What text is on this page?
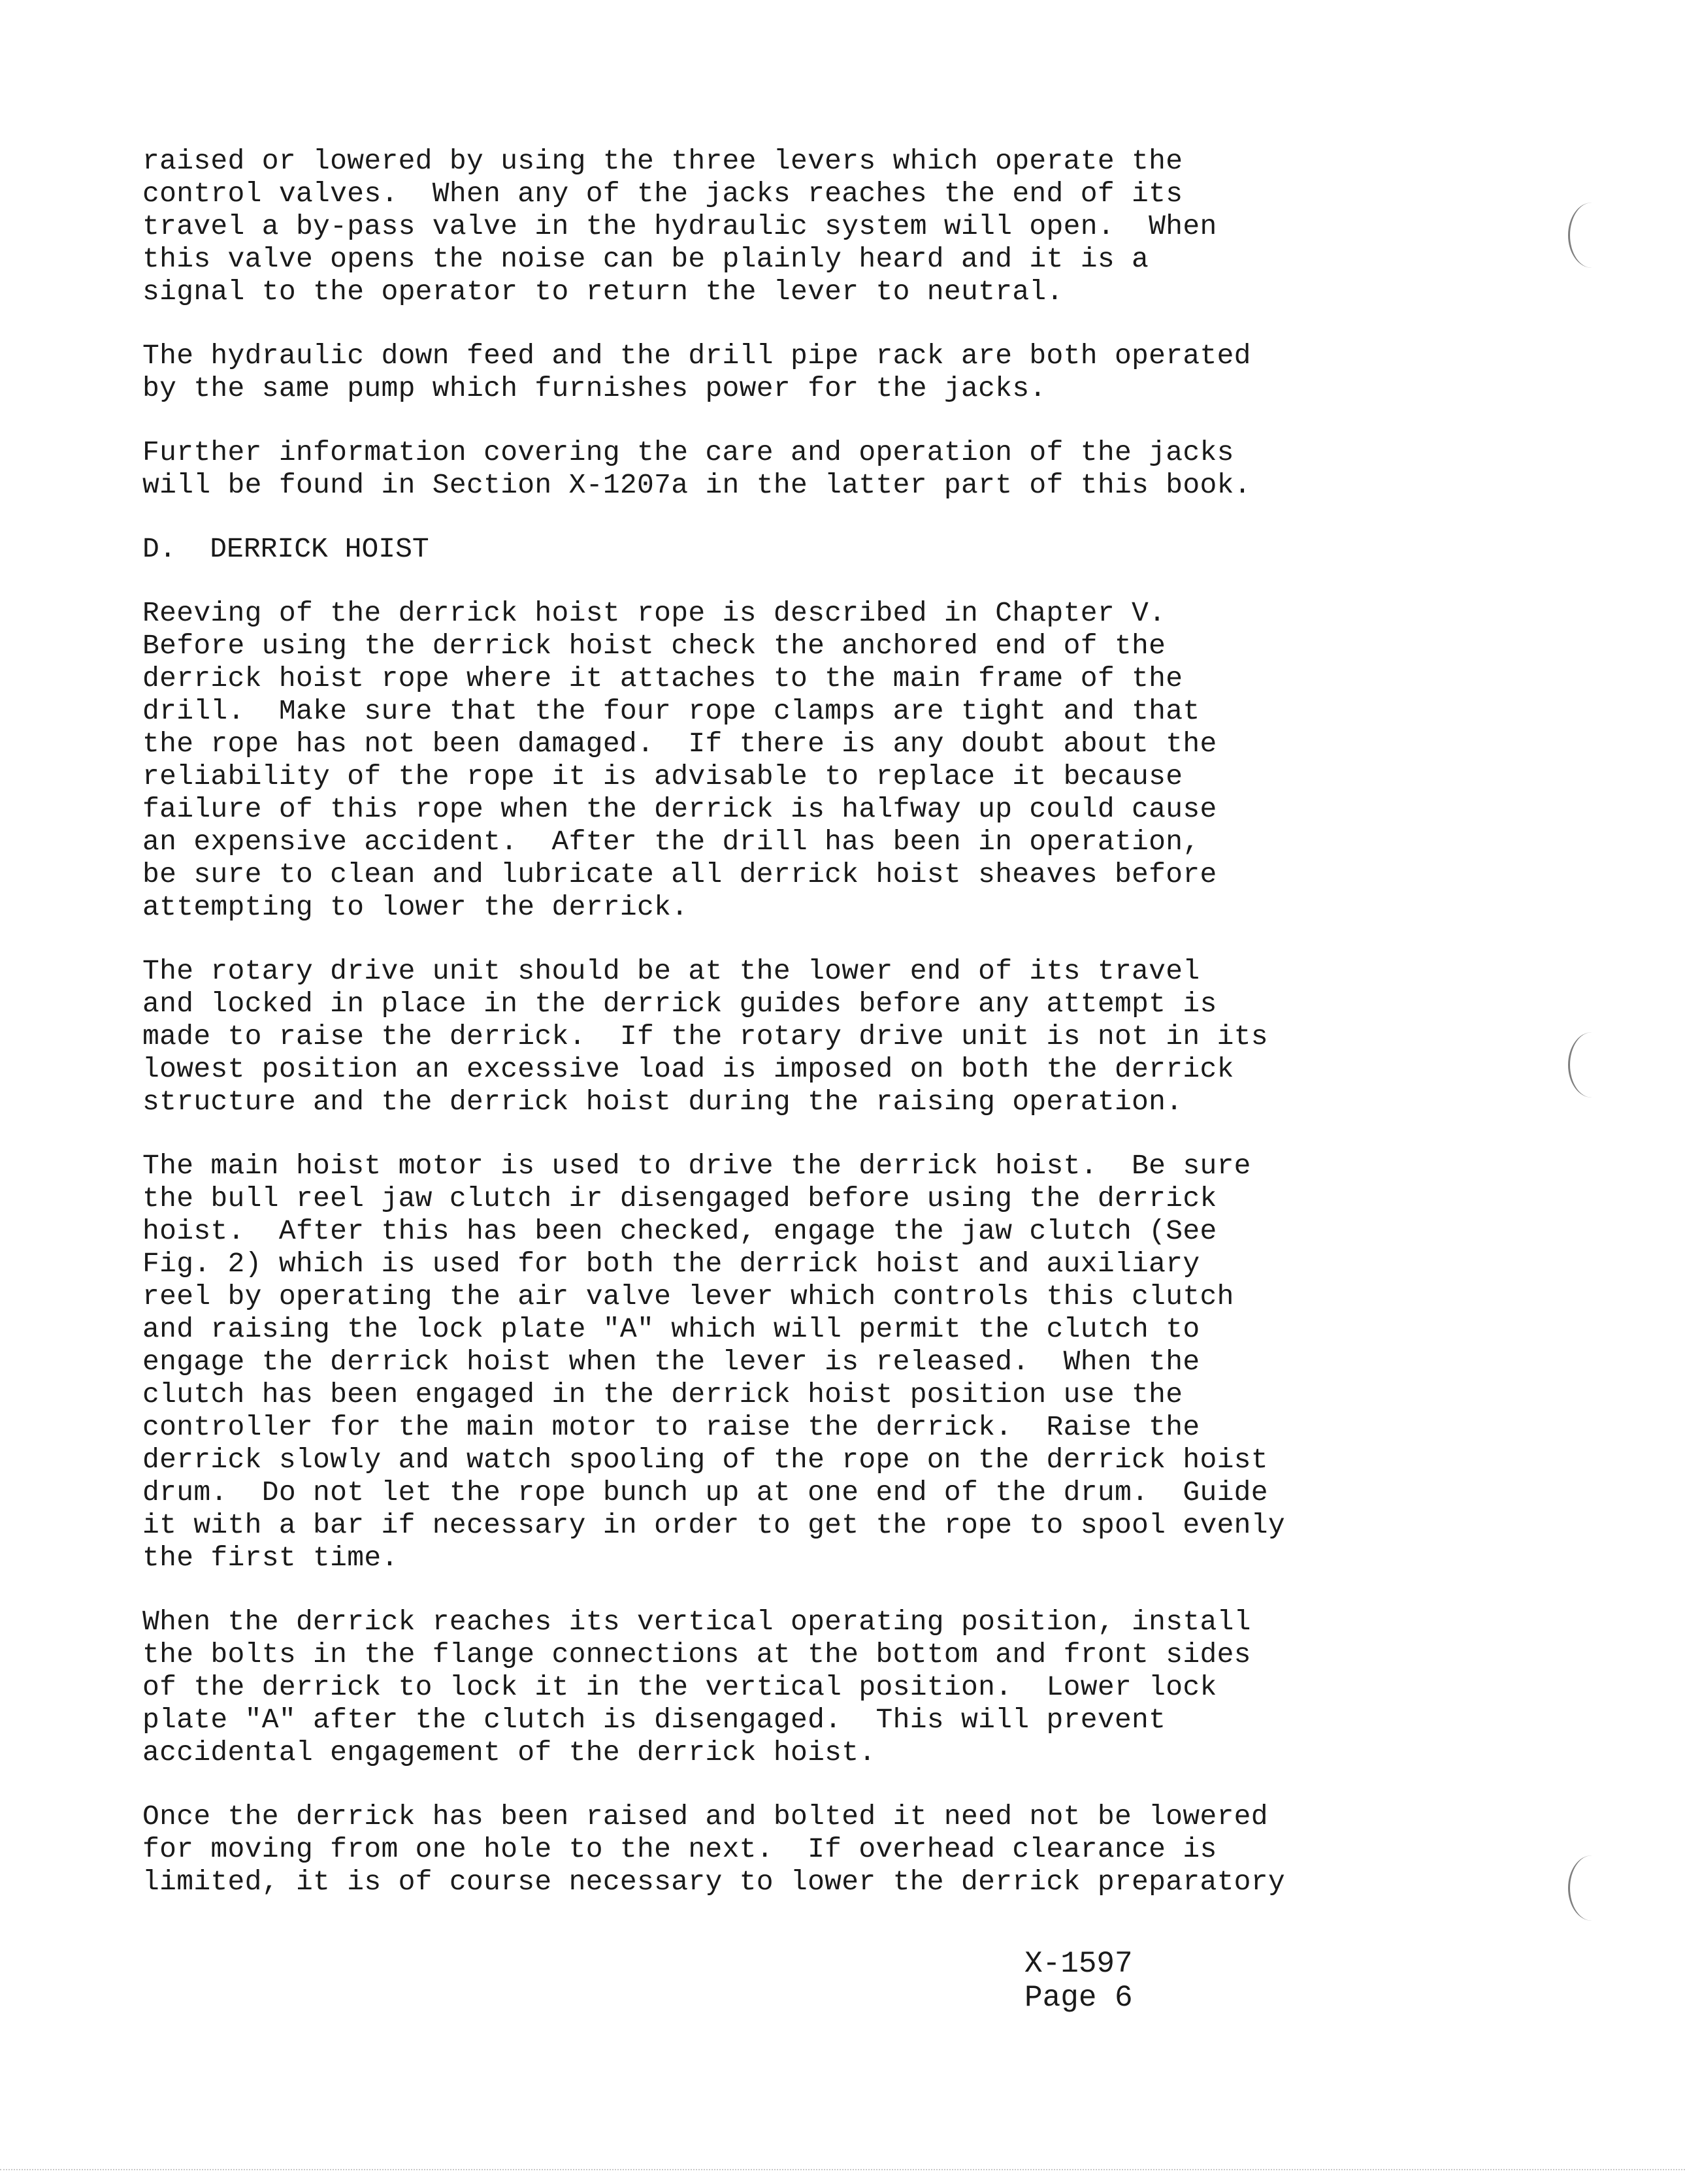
raised or lowered by using the three levers which operate the
control valves.  When any of the jacks reaches the end of its
travel a by-pass valve in the hydraulic system will open.  When
this valve opens the noise can be plainly heard and it is a
signal to the operator to return the lever to neutral.
The hydraulic down feed and the drill pipe rack are both operated
by the same pump which furnishes power for the jacks.
Further information covering the care and operation of the jacks
will be found in Section X-1207a in the latter part of this book.
D.  DERRICK HOIST
Reeving of the derrick hoist rope is described in Chapter V.
Before using the derrick hoist check the anchored end of the
derrick hoist rope where it attaches to the main frame of the
drill.  Make sure that the four rope clamps are tight and that
the rope has not been damaged.  If there is any doubt about the
reliability of the rope it is advisable to replace it because
failure of this rope when the derrick is halfway up could cause
an expensive accident.  After the drill has been in operation,
be sure to clean and lubricate all derrick hoist sheaves before
attempting to lower the derrick.
The rotary drive unit should be at the lower end of its travel
and locked in place in the derrick guides before any attempt is
made to raise the derrick.  If the rotary drive unit is not in its
lowest position an excessive load is imposed on both the derrick
structure and the derrick hoist during the raising operation.
The main hoist motor is used to drive the derrick hoist.  Be sure
the bull reel jaw clutch ir disengaged before using the derrick
hoist.  After this has been checked, engage the jaw clutch (See
Fig. 2) which is used for both the derrick hoist and auxiliary
reel by operating the air valve lever which controls this clutch
and raising the lock plate "A" which will permit the clutch to
engage the derrick hoist when the lever is released.  When the
clutch has been engaged in the derrick hoist position use the
controller for the main motor to raise the derrick.  Raise the
derrick slowly and watch spooling of the rope on the derrick hoist
drum.  Do not let the rope bunch up at one end of the drum.  Guide
it with a bar if necessary in order to get the rope to spool evenly
the first time.
When the derrick reaches its vertical operating position, install
the bolts in the flange connections at the bottom and front sides
of the derrick to lock it in the vertical position.  Lower lock
plate "A" after the clutch is disengaged.  This will prevent
accidental engagement of the derrick hoist.
Once the derrick has been raised and bolted it need not be lowered
for moving from one hole to the next.  If overhead clearance is
limited, it is of course necessary to lower the derrick preparatory
X-1597
Page 6
